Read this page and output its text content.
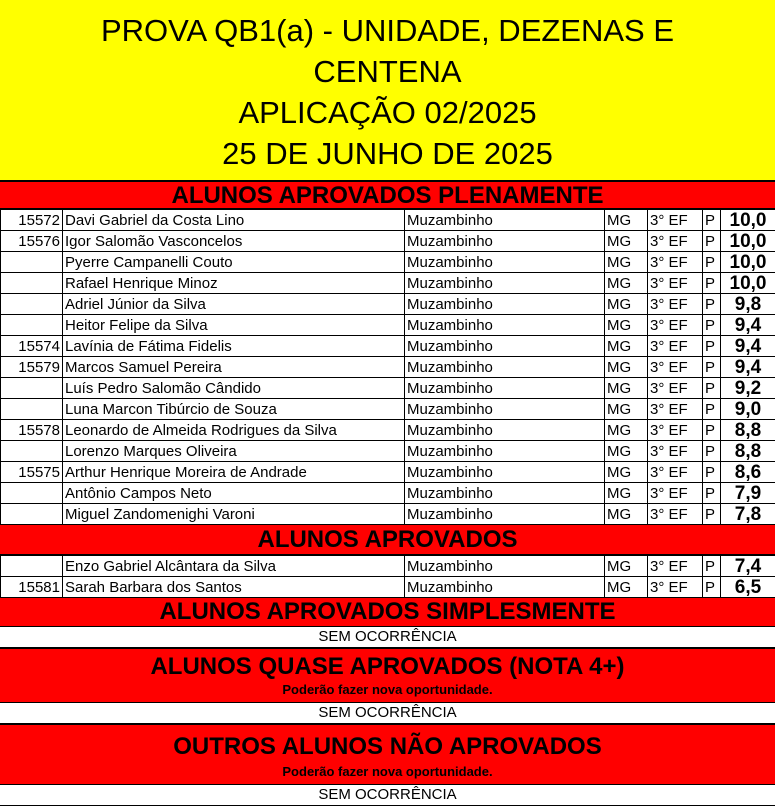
PROVA QB1(a) - UNIDADE, DEZENAS E
CENTENA
APLICAÇÃO 02/2025
25 DE JUNHO DE 2025
ALUNOS APROVADOS PLENAMENTE
15572	Davi Gabriel da Costa Lino	Muzambinho	MG	3° EF	P	10,0
15576	Igor Salomão Vasconcelos	Muzambinho	MG	3° EF	P	10,0
	Pyerre Campanelli Couto	Muzambinho	MG	3° EF	P	10,0
	Rafael Henrique Minoz	Muzambinho	MG	3° EF	P	10,0
	Adriel Júnior da Silva	Muzambinho	MG	3° EF	P	9,8
	Heitor Felipe da Silva	Muzambinho	MG	3° EF	P	9,4
15574	Lavínia de Fátima Fidelis	Muzambinho	MG	3° EF	P	9,4
15579	Marcos Samuel Pereira	Muzambinho	MG	3° EF	P	9,4
	Luís Pedro Salomão Cândido	Muzambinho	MG	3° EF	P	9,2
	Luna Marcon Tibúrcio de Souza	Muzambinho	MG	3° EF	P	9,0
15578	Leonardo de Almeida Rodrigues da Silva	Muzambinho	MG	3° EF	P	8,8
	Lorenzo Marques Oliveira	Muzambinho	MG	3° EF	P	8,8
15575	Arthur Henrique Moreira de Andrade	Muzambinho	MG	3° EF	P	8,6
	Antônio Campos Neto	Muzambinho	MG	3° EF	P	7,9
	Miguel Zandomenighi Varoni	Muzambinho	MG	3° EF	P	7,8
ALUNOS APROVADOS
	Enzo Gabriel Alcântara da Silva	Muzambinho	MG	3° EF	P	7,4
15581	Sarah Barbara dos Santos	Muzambinho	MG	3° EF	P	6,5
ALUNOS APROVADOS SIMPLESMENTE
SEM OCORRÊNCIA
ALUNOS QUASE APROVADOS (NOTA 4+)
Poderão fazer nova oportunidade.
SEM OCORRÊNCIA
OUTROS ALUNOS NÃO APROVADOS
Poderão fazer nova oportunidade.
SEM OCORRÊNCIA
